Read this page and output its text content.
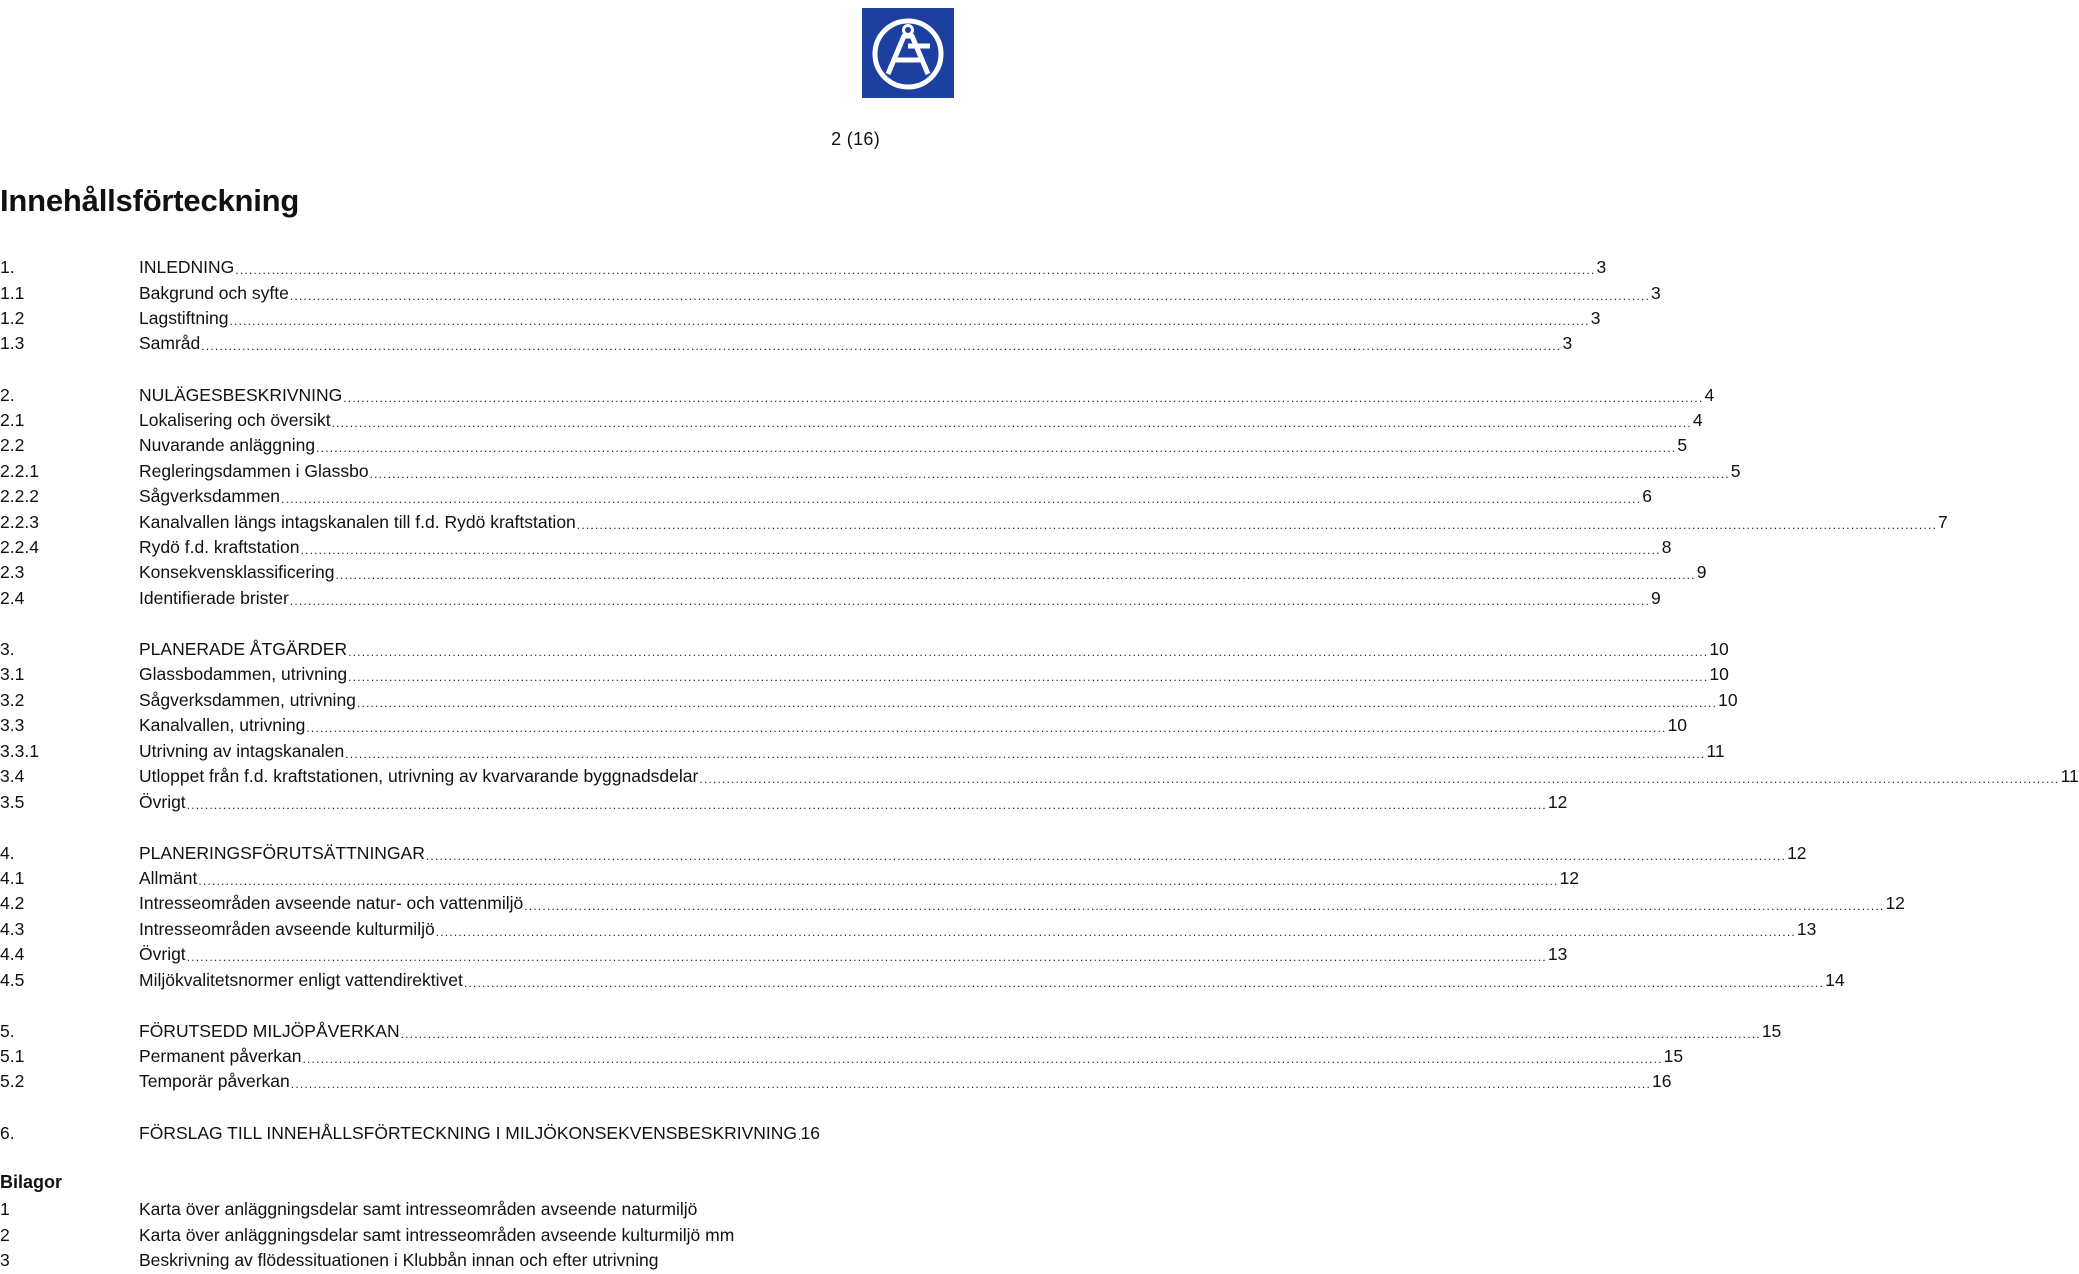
2 (16)
Innehållsförteckning
1.	INLEDNING ............................................................................................................................................................................................................................................................................................................ 3
1.1	Bakgrund och syfte ............................................................................................................................................................................................................................................................................................................ 3
1.2	Lagstiftning ............................................................................................................................................................................................................................................................................................................ 3
1.3	Samråd ............................................................................................................................................................................................................................................................................................................ 3
2.	NULÄGESBESKRIVNING ............................................................................................................................................................................................................................................................................................................ 4
2.1	Lokalisering och översikt ............................................................................................................................................................................................................................................................................................................ 4
2.2	Nuvarande anläggning ............................................................................................................................................................................................................................................................................................................ 5
2.2.1	Regleringsdammen i Glassbo ............................................................................................................................................................................................................................................................................................................ 5
2.2.2	Sågverksdammen ............................................................................................................................................................................................................................................................................................................ 6
2.2.3	Kanalvallen längs intagskanalen till f.d. Rydö kraftstation ............................................................................................................................................................................................................................................................................................................ 7
2.2.4	Rydö f.d. kraftstation ............................................................................................................................................................................................................................................................................................................ 8
2.3	Konsekvensklassificering ............................................................................................................................................................................................................................................................................................................ 9
2.4	Identifierade brister ............................................................................................................................................................................................................................................................................................................ 9
3.	PLANERADE ÅTGÄRDER ............................................................................................................................................................................................................................................................................................................ 10
3.1	Glassbodammen, utrivning ............................................................................................................................................................................................................................................................................................................ 10
3.2	Sågverksdammen, utrivning ............................................................................................................................................................................................................................................................................................................ 10
3.3	Kanalvallen, utrivning ............................................................................................................................................................................................................................................................................................................ 10
3.3.1	Utrivning av intagskanalen ............................................................................................................................................................................................................................................................................................................ 11
3.4	Utloppet från f.d. kraftstationen, utrivning av kvarvarande byggnadsdelar ............................................................................................................................................................................................................................................................................................................ 11
3.5	Övrigt ............................................................................................................................................................................................................................................................................................................ 12
4.	PLANERINGSFÖRUTSÄTTNINGAR ............................................................................................................................................................................................................................................................................................................ 12
4.1	Allmänt ............................................................................................................................................................................................................................................................................................................ 12
4.2	Intresseområden avseende natur- och vattenmiljö ............................................................................................................................................................................................................................................................................................................ 12
4.3	Intresseområden avseende kulturmiljö ............................................................................................................................................................................................................................................................................................................ 13
4.4	Övrigt ............................................................................................................................................................................................................................................................................................................ 13
4.5	Miljökvalitetsnormer enligt vattendirektivet ............................................................................................................................................................................................................................................................................................................ 14
5.	FÖRUTSEDD MILJÖPÅVERKAN ............................................................................................................................................................................................................................................................................................................ 15
5.1	Permanent påverkan ............................................................................................................................................................................................................................................................................................................ 15
5.2	Temporär påverkan ............................................................................................................................................................................................................................................................................................................ 16
6.	FÖRSLAG TILL INNEHÅLLSFÖRTECKNING I MILJÖKONSEKVENSBESKRIVNING 16
Bilagor
1	Karta över anläggningsdelar samt intresseområden avseende naturmiljö
2	Karta över anläggningsdelar samt intresseområden avseende kulturmiljö mm
3	Beskrivning av flödessituationen i Klubbån innan och efter utrivning
